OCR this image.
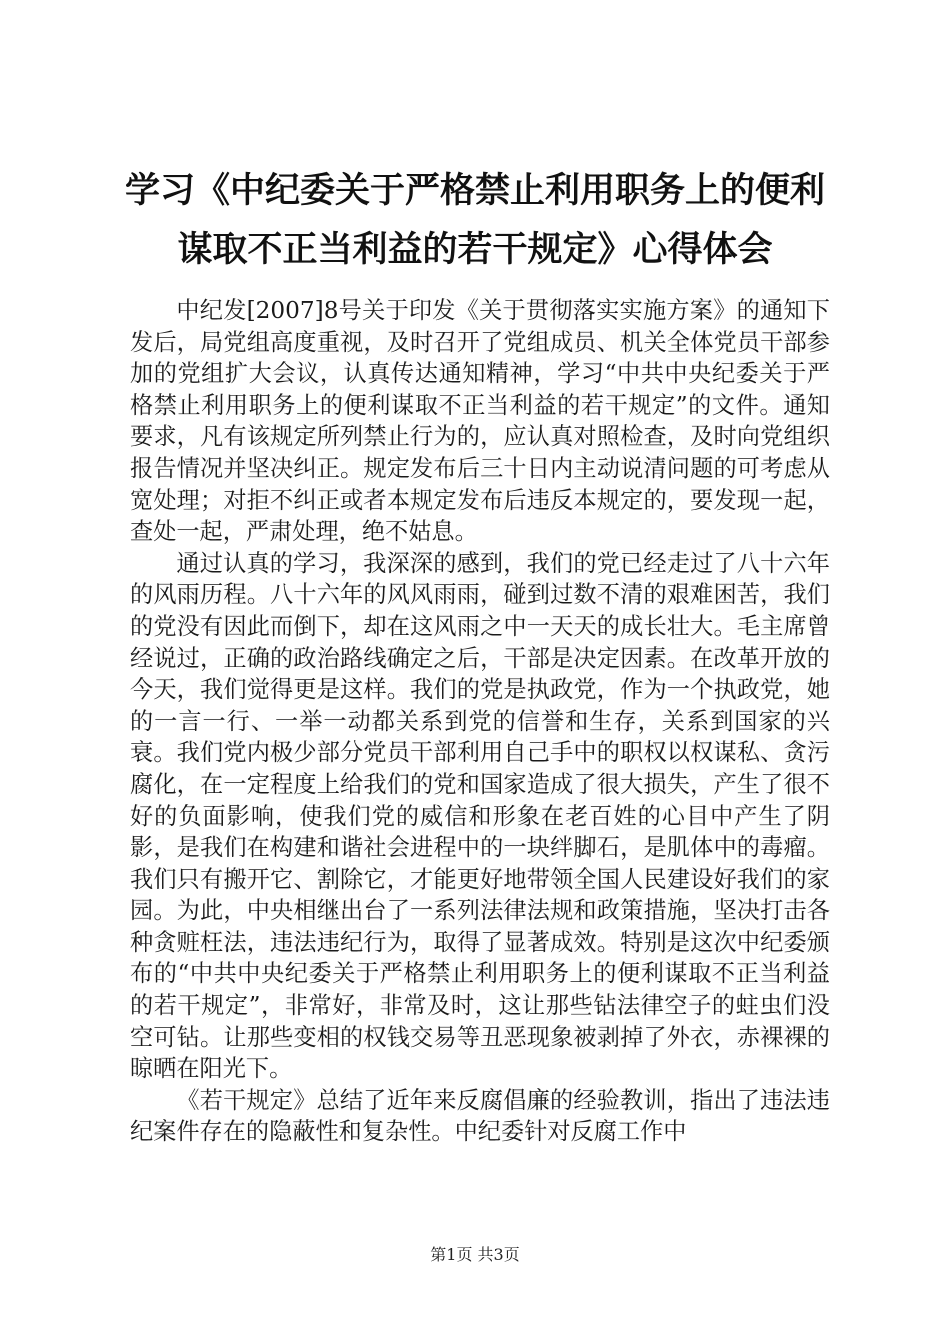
学习《中纪委关于严格禁止利用职务上的便利
谋取不正当利益的若干规定》心得体会

中纪发[2007]8号关于印发《关于贯彻落实实施方案》的通知下发后，局党组高度重视，及时召开了党组成员、机关全体党员干部参加的党组扩大会议，认真传达通知精神，学习“中共中央纪委关于严格禁止利用职务上的便利谋取不正当利益的若干规定”的文件。通知要求，凡有该规定所列禁止行为的，应认真对照检查，及时向党组织报告情况并坚决纠正。规定发布后三十日内主动说清问题的可考虑从宽处理；对拒不纠正或者本规定发布后违反本规定的，要发现一起，查处一起，严肃处理，绝不姑息。

通过认真的学习，我深深的感到，我们的党已经走过了八十六年的风雨历程。八十六年的风风雨雨，碰到过数不清的艰难困苦，我们的党没有因此而倒下，却在这风雨之中一天天的成长壮大。毛主席曾经说过，正确的政治路线确定之后，干部是决定因素。在改革开放的今天，我们觉得更是这样。我们的党是执政党，作为一个执政党，她的一言一行、一举一动都关系到党的信誉和生存，关系到国家的兴衰。我们党内极少部分党员干部利用自己手中的职权以权谋私、贪污腐化，在一定程度上给我们的党和国家造成了很大损失，产生了很不好的负面影响，使我们党的威信和形象在老百姓的心目中产生了阴影，是我们在构建和谐社会进程中的一块绊脚石，是肌体中的毒瘤。我们只有搬开它、割除它，才能更好地带领全国人民建设好我们的家园。为此，中央相继出台了一系列法律法规和政策措施，坚决打击各种贪赃枉法，违法违纪行为，取得了显著成效。特别是这次中纪委颁布的“中共中央纪委关于严格禁止利用职务上的便利谋取不正当利益的若干规定”，非常好，非常及时，这让那些钻法律空子的蛀虫们没空可钻。让那些变相的权钱交易等丑恶现象被剥掉了外衣，赤裸裸的晾晒在阳光下。

《若干规定》总结了近年来反腐倡廉的经验教训，指出了违法违纪案件存在的隐蔽性和复杂性。中纪委针对反腐工作中

第1页 共3页
